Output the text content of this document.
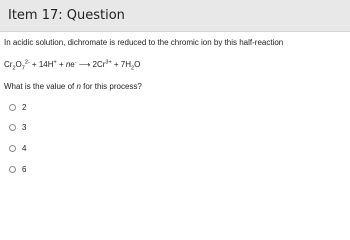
Item 17: Question
In acidic solution, dichromate is reduced to the chromic ion by this half-reaction
$Cr_2O_7^{2-} + 14H^+ + ne^-$ ⟶ $2Cr^{3+} + 7H_2O$
What is the value of n for this process?
2
3
4
6
